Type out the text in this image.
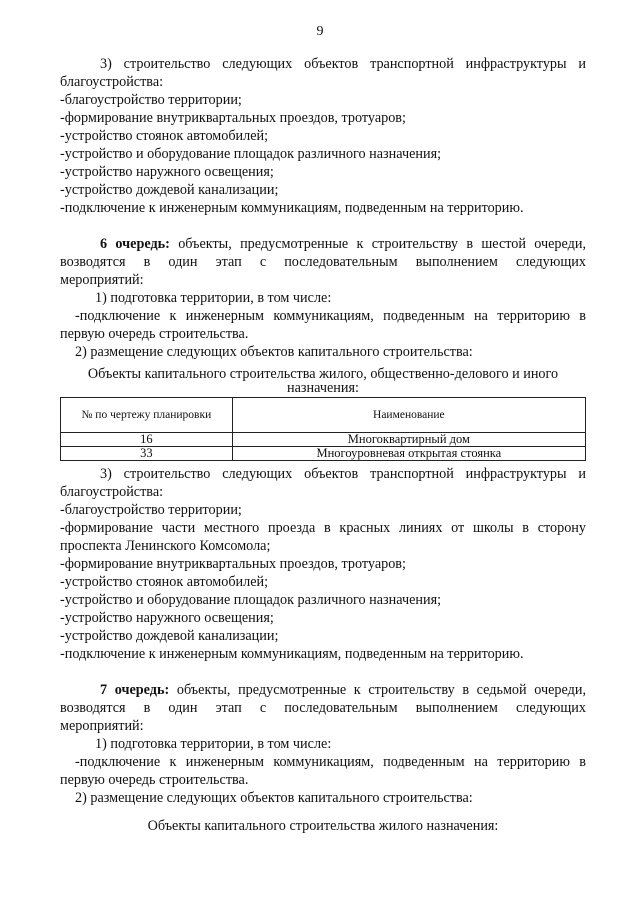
9
3) строительство следующих объектов транспортной инфраструктуры и
благоустройства:
-благоустройство территории;
-формирование внутриквартальных проездов, тротуаров;
-устройство стоянок автомобилей;
-устройство и оборудование площадок различного назначения;
-устройство наружного освещения;
-устройство дождевой канализации;
-подключение к инженерным коммуникациям, подведенным на территорию.
6 очередь: объекты, предусмотренные к строительству в шестой очереди,
возводятся в один этап с последовательным выполнением следующих
мероприятий:
1) подготовка территории, в том числе:
-подключение к инженерным коммуникациям, подведенным на территорию в
первую очередь строительства.
2) размещение следующих объектов капитального строительства:
Объекты капитального строительства жилого, общественно-делового и иного
назначения:
№ по чертежу планировки	Наименование
16	Многоквартирный дом
33	Многоуровневая открытая стоянка
3) строительство следующих объектов транспортной инфраструктуры и
благоустройства:
-благоустройство территории;
-формирование части местного проезда в красных линиях от школы в сторону
проспекта Ленинского Комсомола;
-формирование внутриквартальных проездов, тротуаров;
-устройство стоянок автомобилей;
-устройство и оборудование площадок различного назначения;
-устройство наружного освещения;
-устройство дождевой канализации;
-подключение к инженерным коммуникациям, подведенным на территорию.
7 очередь: объекты, предусмотренные к строительству в седьмой очереди,
возводятся в один этап с последовательным выполнением следующих
мероприятий:
1) подготовка территории, в том числе:
-подключение к инженерным коммуникациям, подведенным на территорию в
первую очередь строительства.
2) размещение следующих объектов капитального строительства:
Объекты капитального строительства жилого назначения:
